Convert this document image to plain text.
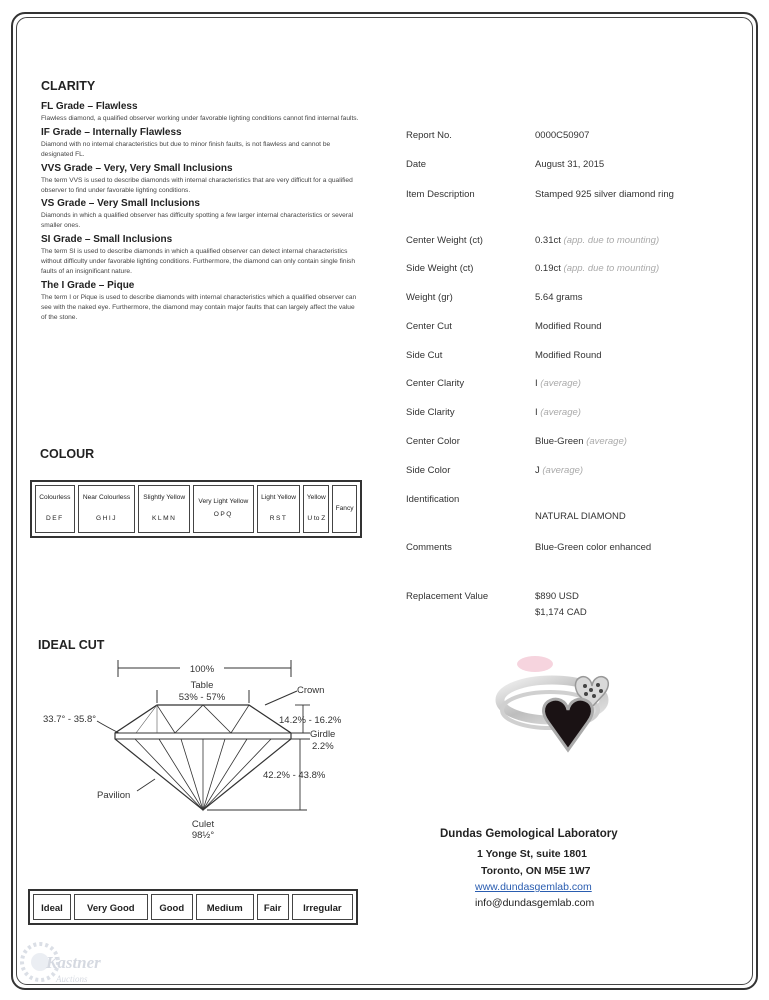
CLARITY
FL Grade – Flawless
Flawless diamond, a qualified observer working under favorable lighting conditions cannot find internal faults.
IF Grade – Internally Flawless
Diamond with no internal characteristics but due to minor finish faults, is not flawless and cannot be designated FL.
VVS Grade – Very, Very Small Inclusions
The term VVS is used to describe diamonds with internal characteristics that are very difficult for a qualified observer to find under favorable lighting conditions.
VS Grade – Very Small Inclusions
Diamonds in which a qualified observer has difficulty spotting a few larger internal characteristics or several smaller ones.
SI Grade – Small Inclusions
The term SI is used to describe diamonds in which a qualified observer can detect internal characteristics without difficulty under favorable lighting conditions. Furthermore, the diamond can only contain single finish faults of an insignificant nature.
The I Grade – Pique
The term I or Pique is used to describe diamonds with internal characteristics which a qualified observer can see with the naked eye. Furthermore, the diamond may contain major faults that can largely affect the value of the stone.
COLOUR
Colourless
DEF
	Near Colourless
GHIJ
	Slightly Yellow
KLMN
	Very Light Yellow
OPQ
	Light Yellow
RST
	Yellow
U to Z
	Fancy
IDEAL CUT
100%
Table
53% - 57%
Crown
33.7° - 35.8°	14.2% - 16.2%
Girdle
2.2%
42.2% - 43.8%
Pavilion
Culet
98½°
Ideal	Very Good	Good	Medium	Fair	Irregular
Report No.	0000C50907
Date	August 31, 2015
Item Description	Stamped 925 silver diamond ring
Center Weight (ct)	0.31ct (app. due to mounting)
Side Weight (ct)	0.19ct (app. due to mounting)
Weight (gr)	5.64 grams
Center Cut	Modified Round
Side Cut	Modified Round
Center Clarity	I (average)
Side Clarity	I (average)
Center Color	Blue-Green (average)
Side Color	J (average)
Identification
NATURAL DIAMOND
Comments	Blue-Green color enhanced
Replacement Value	$890 USD
$1,174 CAD
Dundas Gemological Laboratory
1 Yonge St, suite 1801
Toronto, ON M5E 1W7
www.dundasgemlab.com
info@dundasgemlab.com
Kastner
Auctions
